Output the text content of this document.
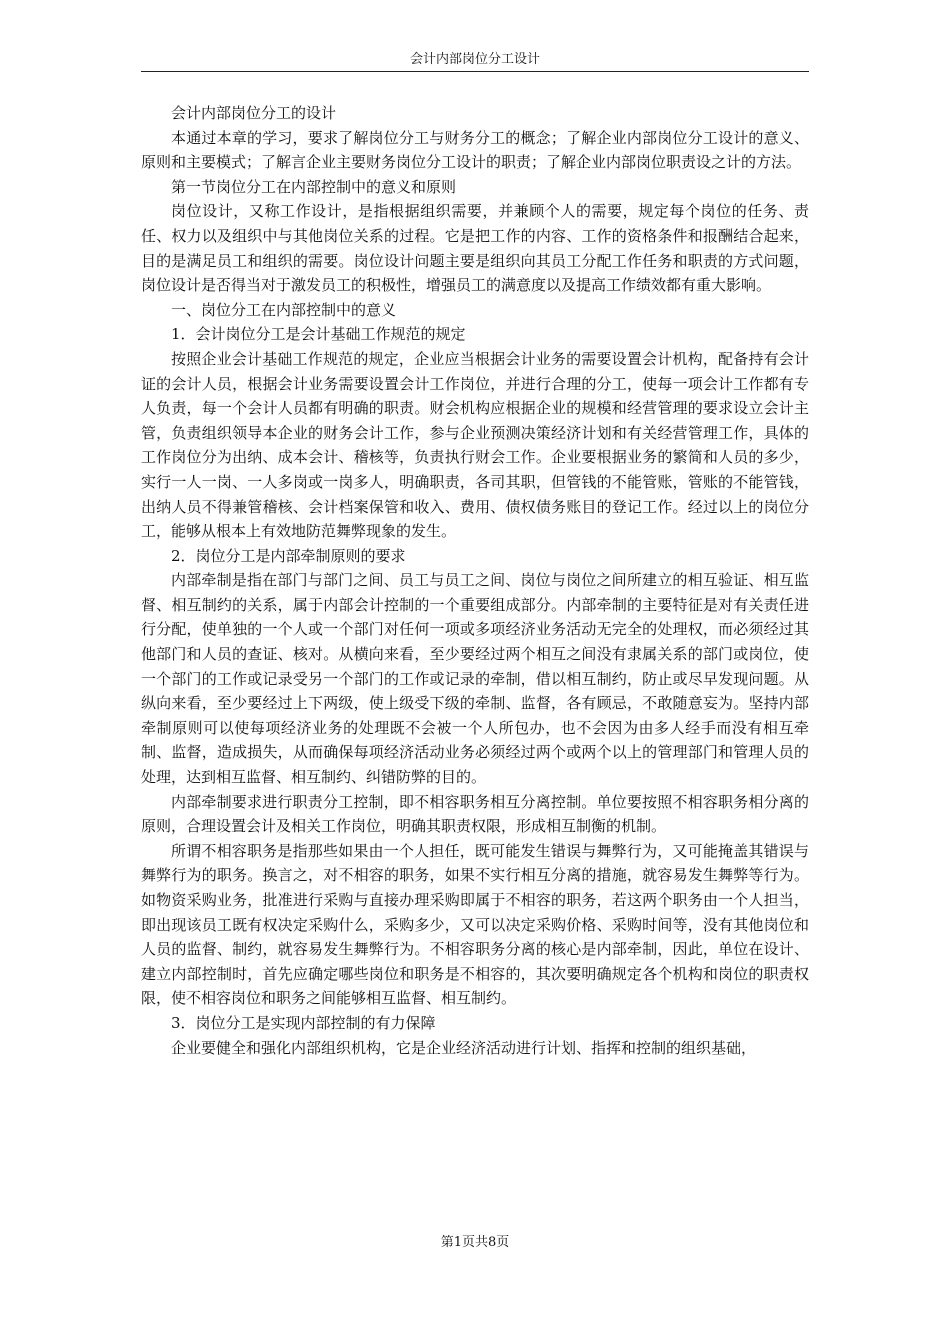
会计内部岗位分工设计

会计内部岗位分工的设计

本通过本章的学习，要求了解岗位分工与财务分工的概念；了解企业内部岗位分工设计的意义、原则和主要模式；了解言企业主要财务岗位分工设计的职责；了解企业内部岗位职责设之计的方法。

第一节岗位分工在内部控制中的意义和原则

岗位设计，又称工作设计，是指根据组织需要，并兼顾个人的需要，规定每个岗位的任务、责任、权力以及组织中与其他岗位关系的过程。它是把工作的内容、工作的资格条件和报酬结合起来，目的是满足员工和组织的需要。岗位设计问题主要是组织向其员工分配工作任务和职责的方式问题，岗位设计是否得当对于激发员工的积极性，增强员工的满意度以及提高工作绩效都有重大影响。

一、岗位分工在内部控制中的意义

1．会计岗位分工是会计基础工作规范的规定

按照企业会计基础工作规范的规定，企业应当根据会计业务的需要设置会计机构，配备持有会计证的会计人员，根据会计业务需要设置会计工作岗位，并进行合理的分工，使每一项会计工作都有专人负责，每一个会计人员都有明确的职责。财会机构应根据企业的规模和经营管理的要求设立会计主管，负责组织领导本企业的财务会计工作，参与企业预测决策经济计划和有关经营管理工作，具体的工作岗位分为出纳、成本会计、稽核等，负责执行财会工作。企业要根据业务的繁简和人员的多少，实行一人一岗、一人多岗或一岗多人，明确职责，各司其职，但管钱的不能管账，管账的不能管钱，出纳人员不得兼管稽核、会计档案保管和收入、费用、债权债务账目的登记工作。经过以上的岗位分工，能够从根本上有效地防范舞弊现象的发生。

2．岗位分工是内部牵制原则的要求

内部牵制是指在部门与部门之间、员工与员工之间、岗位与岗位之间所建立的相互验证、相互监督、相互制约的关系，属于内部会计控制的一个重要组成部分。内部牵制的主要特征是对有关责任进行分配，使单独的一个人或一个部门对任何一项或多项经济业务活动无完全的处理权，而必须经过其他部门和人员的查证、核对。从横向来看，至少要经过两个相互之间没有隶属关系的部门或岗位，使一个部门的工作或记录受另一个部门的工作或记录的牵制，借以相互制约，防止或尽早发现问题。从纵向来看，至少要经过上下两级，使上级受下级的牵制、监督，各有顾忌，不敢随意妄为。坚持内部牵制原则可以使每项经济业务的处理既不会被一个人所包办，也不会因为由多人经手而没有相互牵制、监督，造成损失，从而确保每项经济活动业务必须经过两个或两个以上的管理部门和管理人员的处理，达到相互监督、相互制约、纠错防弊的目的。

内部牵制要求进行职责分工控制，即不相容职务相互分离控制。单位要按照不相容职务相分离的原则，合理设置会计及相关工作岗位，明确其职责权限，形成相互制衡的机制。

所谓不相容职务是指那些如果由一个人担任，既可能发生错误与舞弊行为，又可能掩盖其错误与舞弊行为的职务。换言之，对不相容的职务，如果不实行相互分离的措施，就容易发生舞弊等行为。如物资采购业务，批准进行采购与直接办理采购即属于不相容的职务，若这两个职务由一个人担当，即出现该员工既有权决定采购什么，采购多少，又可以决定采购价格、采购时间等，没有其他岗位和人员的监督、制约，就容易发生舞弊行为。不相容职务分离的核心是内部牵制，因此，单位在设计、建立内部控制时，首先应确定哪些岗位和职务是不相容的，其次要明确规定各个机构和岗位的职责权限，使不相容岗位和职务之间能够相互监督、相互制约。

3．岗位分工是实现内部控制的有力保障

企业要健全和强化内部组织机构，它是企业经济活动进行计划、指挥和控制的组织基础，

第1页共8页
